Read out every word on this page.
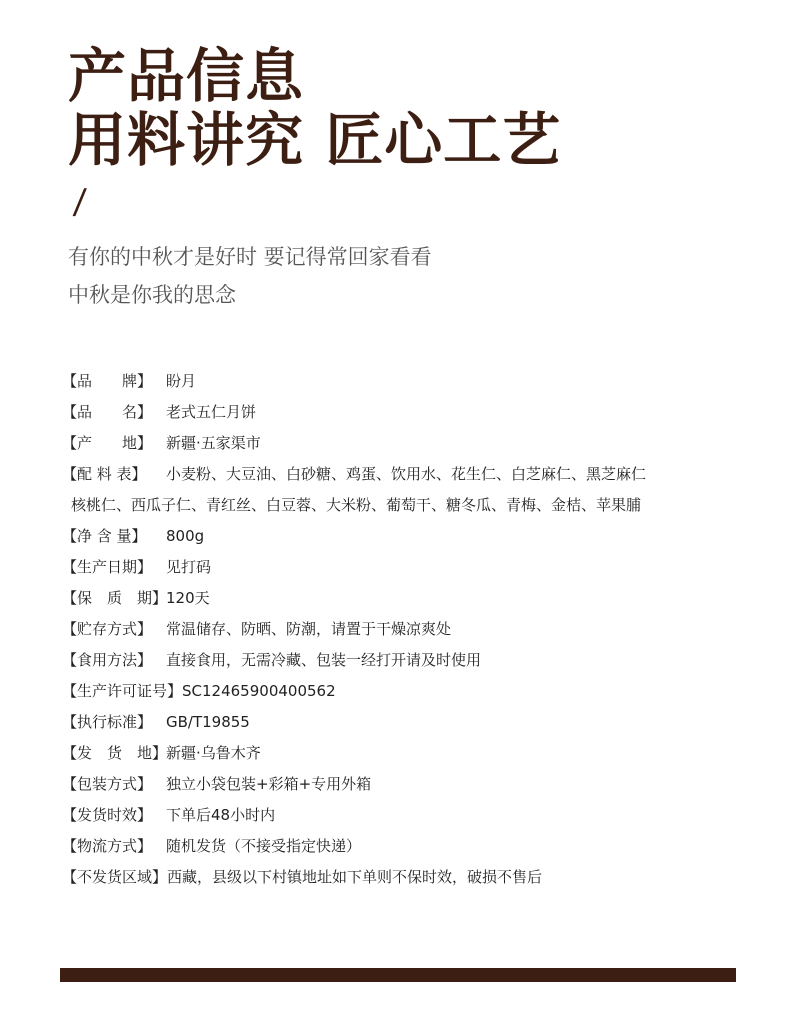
产品信息
用料讲究 匠心工艺
/
有你的中秋才是好时 要记得常回家看看
中秋是你我的思念
【品　　牌】 盼月
【品　　名】 老式五仁月饼
【产　　地】 新疆·五家渠市
【配 料 表】 小麦粉、大豆油、白砂糖、鸡蛋、饮用水、花生仁、白芝麻仁、黑芝麻仁
核桃仁、西瓜子仁、青红丝、白豆蓉、大米粉、葡萄干、糖冬瓜、青梅、金桔、苹果脯
【净 含 量】 800g
【生产日期】 见打码
【保　质　期】120天
【贮存方式】 常温储存、防晒、防潮，请置于干燥凉爽处
【食用方法】 直接食用，无需冷藏、包装一经打开请及时使用
【生产许可证号】SC12465900400562
【执行标准】 GB/T19855
【发　货　地】新疆·乌鲁木齐
【包装方式】 独立小袋包装+彩箱+专用外箱
【发货时效】 下单后48小时内
【物流方式】 随机发货（不接受指定快递）
【不发货区域】西藏，县级以下村镇地址如下单则不保时效，破损不售后
